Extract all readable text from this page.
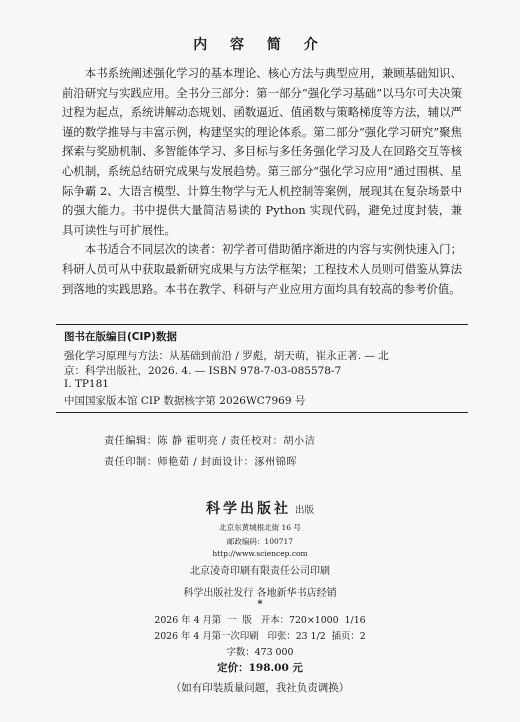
内 容 简 介

本书系统阐述强化学习的基本理论、核心方法与典型应用，兼顾基础知识、前沿研究与实践应用。全书分三部分：第一部分“强化学习基础”以马尔可夫决策过程为起点，系统讲解动态规划、函数逼近、值函数与策略梯度等方法，辅以严谨的数学推导与丰富示例，构建坚实的理论体系。第二部分“强化学习研究”聚焦探索与奖励机制、多智能体学习、多目标与多任务强化学习及人在回路交互等核心机制，系统总结研究成果与发展趋势。第三部分“强化学习应用”通过围棋、星际争霸 2、大语言模型、计算生物学与无人机控制等案例，展现其在复杂场景中的强大能力。书中提供大量简洁易读的 Python 实现代码，避免过度封装，兼具可读性与可扩展性。

本书适合不同层次的读者：初学者可借助循序渐进的内容与实例快速入门；科研人员可从中获取最新研究成果与方法学框架；工程技术人员则可借鉴从算法到落地的实践思路。本书在教学、科研与产业应用方面均具有较高的参考价值。

图书在版编目(CIP)数据
强化学习原理与方法：从基础到前沿 / 罗彪，胡天萌，崔永正著. — 北
京：科学出版社，2026. 4. — ISBN 978-7-03-085578-7
Ⅰ. TP181
中国国家版本馆 CIP 数据核字第 2026WC7969 号
责任编辑：陈 静 霍明亮 / 责任校对：胡小洁
责任印制：师艳茹 / 封面设计：涿州锦晖
科学出版社 出版
北京东黄城根北街 16 号
邮政编码：100717
http://www.sciencep.com
北京凌奇印刷有限责任公司印刷
科学出版社发行 各地新华书店经销
*
2026 年 4 月第  一  版   开本：720×1000  1/16
2026 年 4 月第一次印刷   印张：23 1/2  插页：2
字数：473 000
定价：198.00 元
（如有印装质量问题，我社负责调换）
